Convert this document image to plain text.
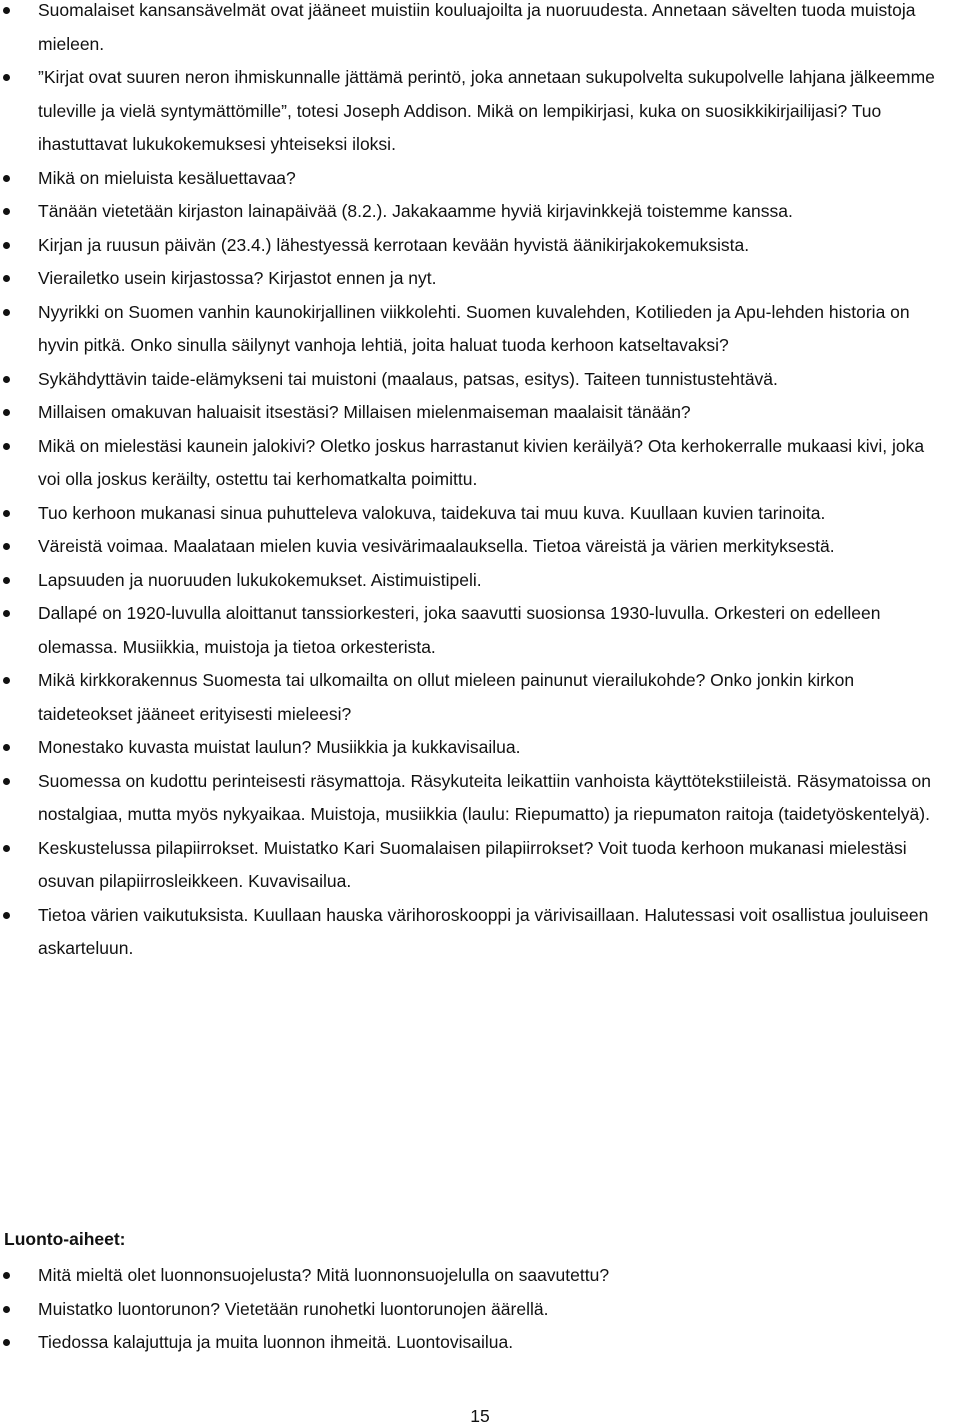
Suomalaiset kansansävelmät ovat jääneet muistiin kouluajoilta ja nuoruudesta. Annetaan sävelten tuoda muistoja mieleen.
”Kirjat ovat suuren neron ihmiskunnalle jättämä perintö, joka annetaan sukupolvelta sukupolvelle lahjana jälkeemme tuleville ja vielä syntymättömille”, totesi Joseph Addison. Mikä on lempikirjasi, kuka on suosikkikirjailijasi? Tuo ihastuttavat lukukokemuksesi yhteiseksi iloksi.
Mikä on mieluista kesäluettavaa?
Tänään vietetään kirjaston lainapäivää (8.2.). Jakakaamme hyviä kirjavinkkejä toistemme kanssa.
Kirjan ja ruusun päivän (23.4.) lähestyessä kerrotaan kevään hyvistä äänikirjakokemuksista.
Vierailetko usein kirjastossa? Kirjastot ennen ja nyt.
Nyyrikki on Suomen vanhin kaunokirjallinen viikkolehti. Suomen kuvalehden, Kotilieden ja Apu-lehden historia on hyvin pitkä. Onko sinulla säilynyt vanhoja lehtiä, joita haluat tuoda kerhoon katseltavaksi?
Sykähdyttävin taide-elämykseni tai muistoni (maalaus, patsas, esitys). Taiteen tunnistustehtävä.
Millaisen omakuvan haluaisit itsestäsi? Millaisen mielenmaiseman maalaisit tänään?
Mikä on mielestäsi kaunein jalokivi? Oletko joskus harrastanut kivien keräilyä? Ota kerhokerralle mukaasi kivi, joka voi olla joskus keräilty, ostettu tai kerhomatkalta poimittu.
Tuo kerhoon mukanasi sinua puhutteleva valokuva, taidekuva tai muu kuva. Kuullaan kuvien tarinoita.
Väreistä voimaa. Maalataan mielen kuvia vesivärimaalauksella. Tietoa väreistä ja värien merkityksestä.
Lapsuuden ja nuoruuden lukukokemukset. Aistimuistipeli.
Dallapé on 1920-luvulla aloittanut tanssiorkesteri, joka saavutti suosionsa 1930-luvulla. Orkesteri on edelleen olemassa. Musiikkia, muistoja ja tietoa orkesterista.
Mikä kirkkorakennus Suomesta tai ulkomailta on ollut mieleen painunut vierailukohde? Onko jonkin kirkon taideteokset jääneet erityisesti mieleesi?
Monestako kuvasta muistat laulun? Musiikkia ja kukkavisailua.
Suomessa on kudottu perinteisesti räsymattoja. Räsykuteita leikattiin vanhoista käyttötekstiileistä. Räsymatoissa on nostalgiaa, mutta myös nykyaikaa. Muistoja, musiikkia (laulu: Riepumatto) ja riepumaton raitoja (taidetyöskentelyä).
Keskustelussa pilapiirrokset. Muistatko Kari Suomalaisen pilapiirrokset? Voit tuoda kerhoon mukanasi mielestäsi osuvan pilapiirrosleikkeen. Kuvavisailua.
Tietoa värien vaikutuksista. Kuullaan hauska värihoroskooppi ja värivisaillaan. Halutessasi voit osallistua jouluiseen askarteluun.
Luonto-aiheet:
Mitä mieltä olet luonnonsuojelusta? Mitä luonnonsuojelulla on saavutettu?
Muistatko luontorunon? Vietetään runohetki luontorunojen äärellä.
Tiedossa kalajuttuja ja muita luonnon ihmeitä. Luontovisailua.
15
